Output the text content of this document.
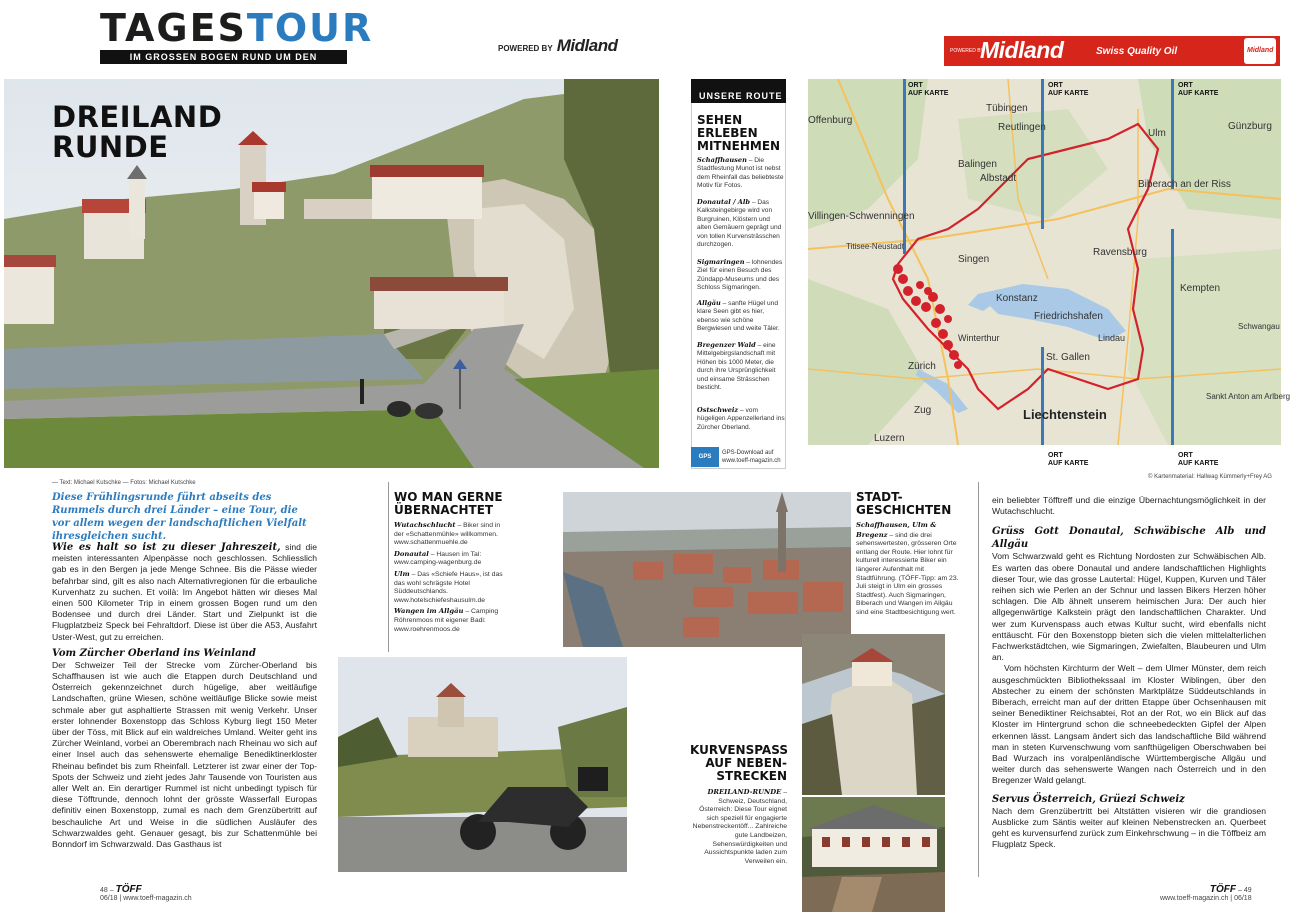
TAGESTOUR
IM GROSSEN BOGEN RUND UM DEN BODENSEE
POWERED BY Midland	POWERED BY
Midland	Swiss Quality Oil	Midland
DREILAND
RUNDE
— Text: Michael Kutschke — Fotos: Michael Kutschke
UNSERE ROUTE
SEHEN
ERLEBEN
MITNEHMEN
Schaffhausen – Die Stadtfestung Munot ist nebst dem Rheinfall das beliebteste Motiv für Fotos.
Donautal / Alb – Das Kalksteingebirge wird von Burgruinen, Klöstern und alten Gemäuern geprägt und von tollen Kurvensträsschen durchzogen.
Sigmaringen – lohnendes Ziel für einen Besuch des Zündapp-Museums und des Schloss Sigmaringen.
Allgäu – sanfte Hügel und klare Seen gibt es hier, ebenso wie schöne Bergwiesen und weite Täler.
Bregenzer Wald – eine Mittelgebirgslandschaft mit Höhen bis 1000 Meter, die durch ihre Ursprünglichkeit und einsame Strässchen besticht.
Ostschweiz – vom hügeligen Appenzellerland ins Zürcher Oberland.
GPS
GPS-Download auf
www.toeff-magazin.ch
Offenburg
Tübingen
Reutlingen
Ulm
Günzburg
Balingen
Albstadt
Biberach an der Riss
Villingen-Schwenningen
Titisee-Neustadt
Singen
Ravensburg
Kempten
Konstanz
Friedrichshafen
Lindau
St. Gallen
Winterthur
Zürich
Liechtenstein
Zug
Luzern
Schwangau
Sankt Anton am Arlberg
ORT
AUF KARTE
ORT
AUF KARTE
ORT
AUF KARTE
ORT
AUF KARTE
ORT
AUF KARTE
© Kartenmaterial: Hallwag Kümmerly+Frey AG
Diese Frühlingsrunde führt abseits des Rummels durch drei Länder – eine Tour, die vor allem wegen der landschaftlichen Vielfalt ihresgleichen sucht.

Wie es halt so ist zu dieser Jahreszeit, sind die meisten interessanten Alpenpässe noch geschlossen. Schliesslich gab es in den Bergen ja jede Menge Schnee. Bis die Pässe wieder befahrbar sind, gilt es also nach Alternativregionen für die erbauliche Kurvenhatz zu suchen. Et voilà: Im Angebot hätten wir dieses Mal einen 500 Kilometer Trip in einem grossen Bogen rund um den Bodensee und durch drei Länder. Start und Zielpunkt ist die Flugplatzbeiz Speck bei Fehraltdorf. Diese ist über die A53, Ausfahrt Uster-West, gut zu erreichen.

Vom Zürcher Oberland ins Weinland

Der Schweizer Teil der Strecke vom Zürcher-Oberland bis Schaffhausen ist wie auch die Etappen durch Deutschland und Österreich gekennzeichnet durch hügelige, aber weitläufige Landschaften, grüne Wiesen, schöne weitläufige Blicke sowie meist schmale aber gut asphaltierte Strassen mit wenig Verkehr. Unser erster lohnender Boxenstopp das Schloss Kyburg liegt 150 Meter über der Töss, mit Blick auf ein waldreiches Umland. Weiter geht ins Zürcher Weinland, vorbei an Oberembrach nach Rheinau wo sich auf einer Insel auch das sehenswerte ehemalige Benediktinerkloster Rheinau befindet bis zum Rheinfall. Letzterer ist zwar einer der Top-Spots der Schweiz und zieht jedes Jahr Tausende von Touristen aus aller Welt an. Ein derartiger Rummel ist nicht unbedingt typisch für diese Töfftrunde, dennoch lohnt der grösste Wasserfall Europas definitiv einen Boxenstopp, zumal es nach dem Grenzübertritt auf beschauliche Art und Weise in die südlichen Ausläufer des Schwarzwaldes geht. Genauer gesagt, bis zur Schattenmühle bei Bonndorf im Schwarzwald. Das Gasthaus ist

WO MAN GERNE
ÜBERNACHTET

Wutachschlucht – Biker sind in der «Schattenmühle» willkommen. www.schattenmuehle.de

Donautal – Hausen im Tal: www.camping-wagenburg.de

Ulm – Das «Schiefe Haus», ist das das wohl schrägste Hotel Süddeutschlands. www.hotelschiefeshausulm.de

Wangen im Allgäu – Camping Röhrenmoos mit eigener Badi: www.roehrenmoos.de

STADT-
GESCHICHTEN
Schaffhausen, Ulm & Bregenz – sind die drei sehenswertesten, grösseren Orte entlang der Route. Hier lohnt für kulturell interessierte Biker ein längerer Aufenthalt mit Stadtführung. (TÖFF-Tipp: am 23. Juli steigt in Ulm ein grosses Stadtfest). Auch Sigmaringen, Biberach und Wangen im Allgäu sind eine Stadtbesichtigung wert.
KURVENSPASS
AUF NEBEN-
STRECKEN
DREILAND-RUNDE – Schweiz, Deutschland, Österreich: Diese Tour eignet sich speziell für engagierte Nebenstreckentöff... Zahlreiche gute Landbeizen, Sehenswürdigkeiten und Aussichtspunkte laden zum Verweilen ein.

ein beliebter Töfftreff und die einzige Übernachtungsmöglichkeit in der Wutachschlucht.

Grüss Gott Donautal, Schwäbische Alb und Allgäu

Vom Schwarzwald geht es Richtung Nordosten zur Schwäbischen Alb. Es warten das obere Donautal und andere landschaftlichen Highlights dieser Tour, wie das grosse Lautertal: Hügel, Kuppen, Kurven und Täler reihen sich wie Perlen an der Schnur und lassen Bikers Herzen höher schlagen. Die Alb ähnelt unserem heimischen Jura: Der auch hier allgegenwärtige Kalkstein prägt den landschaftlichen Charakter. Und wer zum Kurvenspass auch etwas Kultur sucht, wird ebenfalls nicht enttäuscht. Für den Boxenstopp bieten sich die vielen mittelalterlichen Fachwerkstädtchen, wie Sigmaringen, Zwiefalten, Blaubeuren und Ulm an.

Vom höchsten Kirchturm der Welt – dem Ulmer Münster, dem reich ausgeschmückten Bibliothekssaal im Kloster Wiblingen, über den Abstecher zu einem der schönsten Marktplätze Süddeutschlands in Biberach, erreicht man auf der dritten Etappe über Ochsenhausen mit seiner Benediktiner Reichsabtei, Rot an der Rot, wo ein Blick auf das Kloster im Hintergrund schon die schneebedeckten Gipfel der Alpen erkennen lässt. Langsam ändert sich das landschaftliche Bild während man in steten Kurvenschwung vom sanfthügeligen Oberschwaben bei Bad Wurzach ins voralpenländische Württembergische Allgäu und weiter durch das sehenswerte Wangen nach Österreich und in den Bregenzer Wald gelangt.

Servus Österreich, Grüezi Schweiz

Nach dem Grenzübertritt bei Altstätten visieren wir die grandiosen Ausblicke zum Säntis weiter auf kleinen Nebenstrecken an. Querbeet geht es kurvensurfend zurück zum Einkehrschwung – in die Töffbeiz am Flugplatz Speck.

48 – TÖFF
06/18 | www.toeff-magazin.ch
TÖFF – 49
www.toeff-magazin.ch | 06/18
